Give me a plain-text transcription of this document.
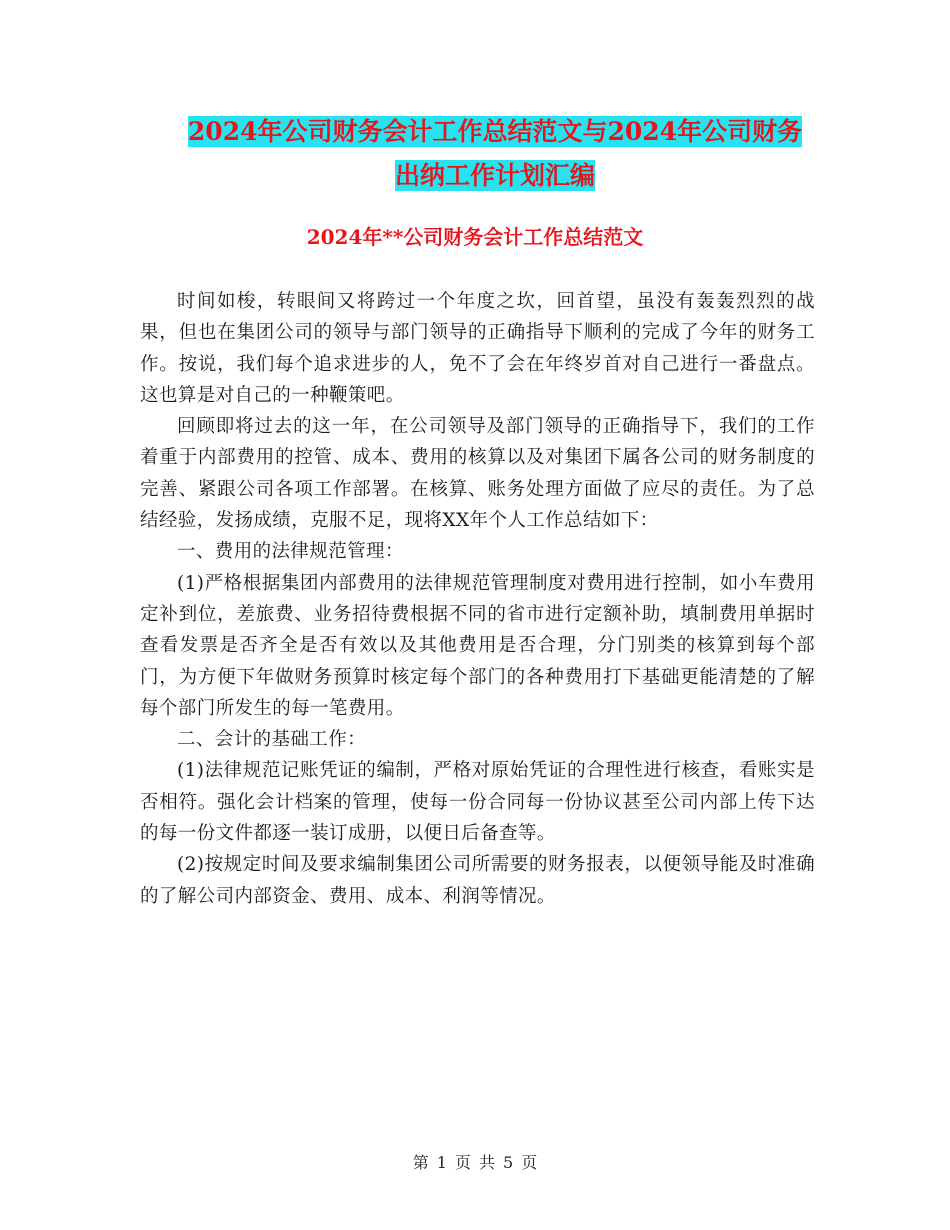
2024年公司财务会计工作总结范文与2024年公司财务
出纳工作计划汇编
2024年**公司财务会计工作总结范文

时间如梭，转眼间又将跨过一个年度之坎，回首望，虽没有轰轰烈烈的战果，但也在集团公司的领导与部门领导的正确指导下顺利的完成了今年的财务工作。按说，我们每个追求进步的人，免不了会在年终岁首对自己进行一番盘点。这也算是对自己的一种鞭策吧。

回顾即将过去的这一年，在公司领导及部门领导的正确指导下，我们的工作着重于内部费用的控管、成本、费用的核算以及对集团下属各公司的财务制度的完善、紧跟公司各项工作部署。在核算、账务处理方面做了应尽的责任。为了总结经验，发扬成绩，克服不足，现将XX年个人工作总结如下：

一、费用的法律规范管理：

(1)严格根据集团内部费用的法律规范管理制度对费用进行控制，如小车费用定补到位，差旅费、业务招待费根据不同的省市进行定额补助，填制费用单据时查看发票是否齐全是否有效以及其他费用是否合理，分门别类的核算到每个部门，为方便下年做财务预算时核定每个部门的各种费用打下基础更能清楚的了解每个部门所发生的每一笔费用。

二、会计的基础工作：

(1)法律规范记账凭证的编制，严格对原始凭证的合理性进行核查，看账实是否相符。强化会计档案的管理，使每一份合同每一份协议甚至公司内部上传下达的每一份文件都逐一装订成册，以便日后备查等。

(2)按规定时间及要求编制集团公司所需要的财务报表，以便领导能及时准确的了解公司内部资金、费用、成本、利润等情况。

第 1 页 共 5 页
